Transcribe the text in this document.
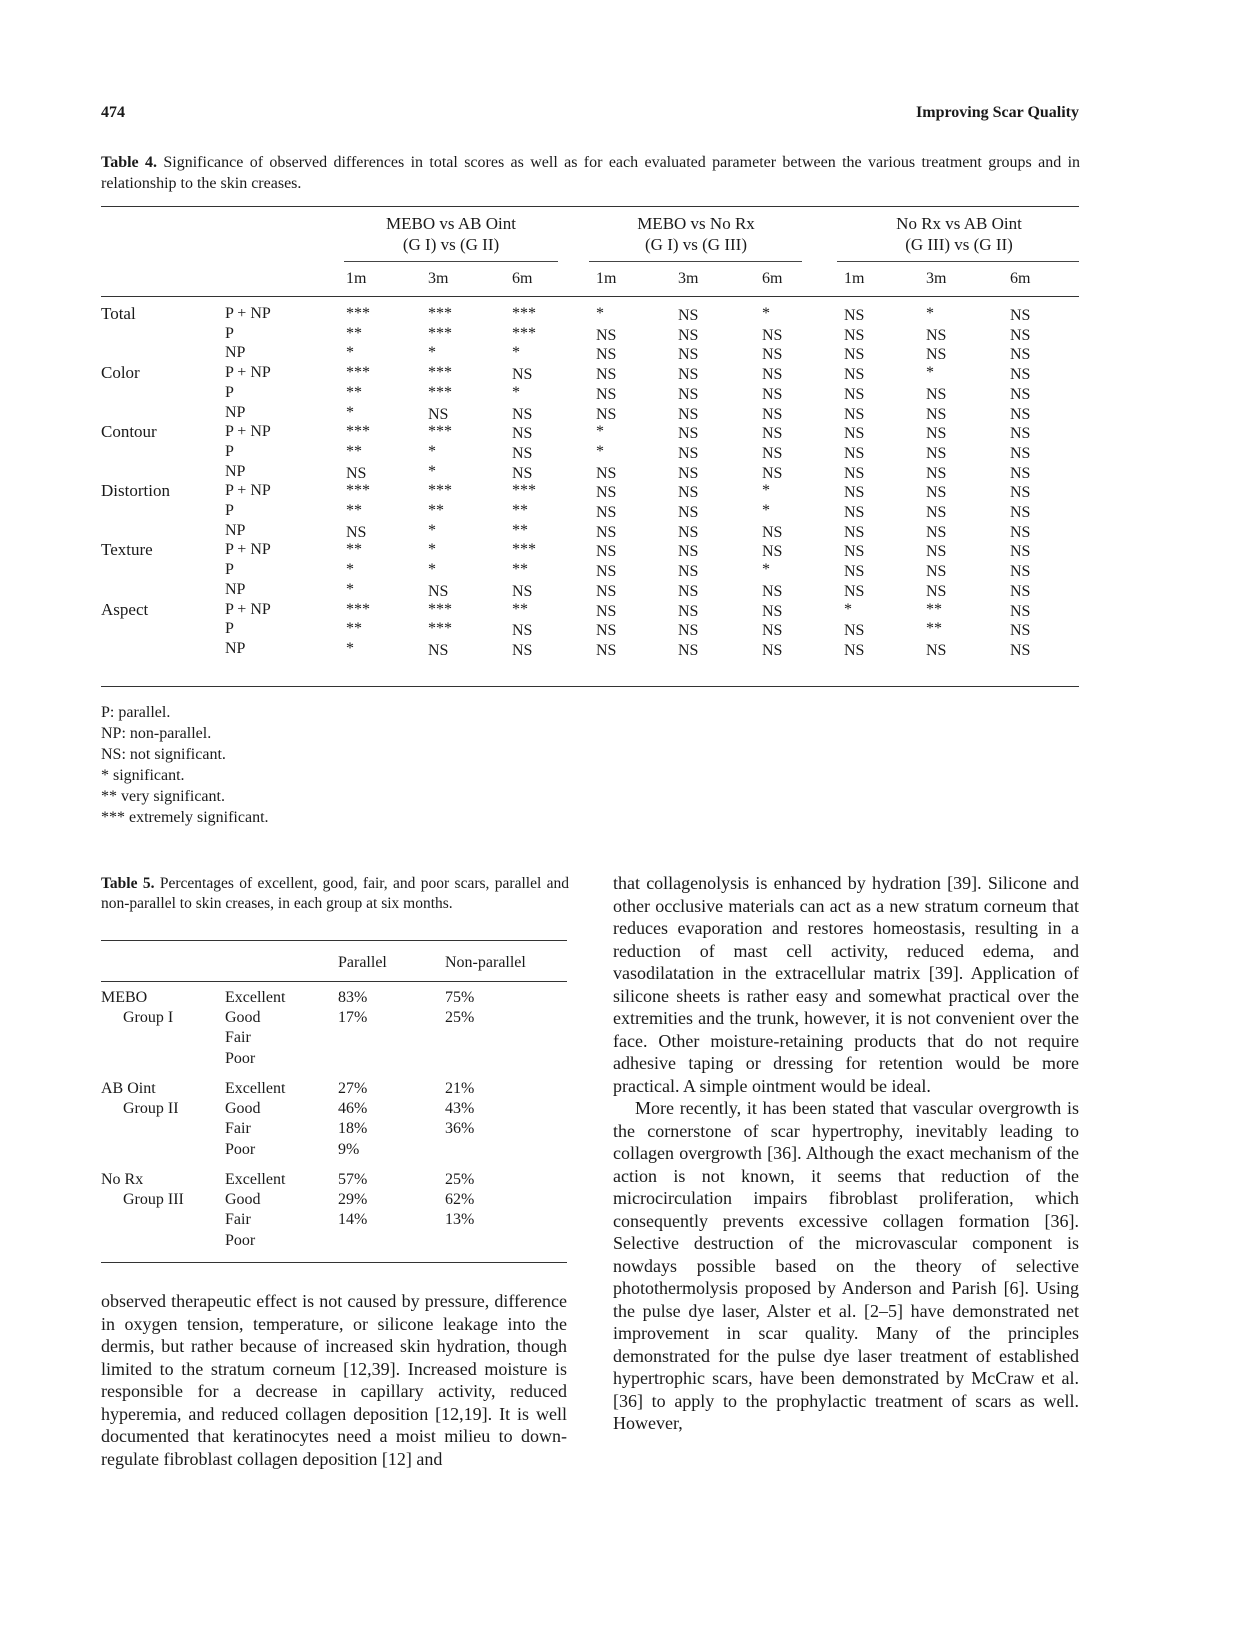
474	Improving Scar Quality
Table 4. Significance of observed differences in total scores as well as for each evaluated parameter between the various treatment groups and in relationship to the skin creases.
MEBO vs AB Oint
(G I) vs (G II)
MEBO vs No Rx
(G I) vs (G III)
No Rx vs AB Oint
(G III) vs (G II)
1m	3m	6m	1m	3m	6m	1m	3m	6m
Total	P + NP	***	***	***	*	NS	*	NS	*	NS
P	**	***	***	NS	NS	NS	NS	NS	NS
NP	*	*	*	NS	NS	NS	NS	NS	NS
Color	P + NP	***	***	NS	NS	NS	NS	NS	*	NS
P	**	***	*	NS	NS	NS	NS	NS	NS
NP	*	NS	NS	NS	NS	NS	NS	NS	NS
Contour	P + NP	***	***	NS	*	NS	NS	NS	NS	NS
P	**	*	NS	*	NS	NS	NS	NS	NS
NP	NS	*	NS	NS	NS	NS	NS	NS	NS
Distortion	P + NP	***	***	***	NS	NS	*	NS	NS	NS
P	**	**	**	NS	NS	*	NS	NS	NS
NP	NS	*	**	NS	NS	NS	NS	NS	NS
Texture	P + NP	**	*	***	NS	NS	NS	NS	NS	NS
P	*	*	**	NS	NS	*	NS	NS	NS
NP	*	NS	NS	NS	NS	NS	NS	NS	NS
Aspect	P + NP	***	***	**	NS	NS	NS	*	**	NS
P	**	***	NS	NS	NS	NS	NS	**	NS
NP	*	NS	NS	NS	NS	NS	NS	NS	NS
P: parallel.
NP: non-parallel.
NS: not significant.
* significant.
** very significant.
*** extremely significant.
Table 5. Percentages of excellent, good, fair, and poor scars, parallel and non-parallel to skin creases, in each group at six months.
Parallel	Non-parallel
MEBO
Group I
Excellent	83%	75%
Good	17%	25%
Fair
Poor
AB Oint
Group II
Excellent	27%	21%
Good	46%	43%
Fair	18%	36%
Poor	9%
No Rx
Group III
Excellent	57%	25%
Good	29%	62%
Fair	14%	13%
Poor

observed therapeutic effect is not caused by pressure, difference in oxygen tension, temperature, or silicone leakage into the dermis, but rather because of increased skin hydration, though limited to the stratum corneum [12,39]. Increased moisture is responsible for a decrease in capillary activity, reduced hyperemia, and reduced collagen deposition [12,19]. It is well documented that keratinocytes need a moist milieu to down-regulate fibroblast collagen deposition [12] and

that collagenolysis is enhanced by hydration [39]. Silicone and other occlusive materials can act as a new stratum corneum that reduces evaporation and restores homeostasis, resulting in a reduction of mast cell activity, reduced edema, and vasodilatation in the extracellular matrix [39]. Application of silicone sheets is rather easy and somewhat practical over the extremities and the trunk, however, it is not convenient over the face. Other moisture-retaining products that do not require adhesive taping or dressing for retention would be more practical. A simple ointment would be ideal.

More recently, it has been stated that vascular overgrowth is the cornerstone of scar hypertrophy, inevitably leading to collagen overgrowth [36]. Although the exact mechanism of the action is not known, it seems that reduction of the microcirculation impairs fibroblast proliferation, which consequently prevents excessive collagen formation [36]. Selective destruction of the microvascular component is nowdays possible based on the theory of selective photothermolysis proposed by Anderson and Parish [6]. Using the pulse dye laser, Alster et al. [2–5] have demonstrated net improvement in scar quality. Many of the principles demonstrated for the pulse dye laser treatment of established hypertrophic scars, have been demonstrated by McCraw et al. [36] to apply to the prophylactic treatment of scars as well. However,
